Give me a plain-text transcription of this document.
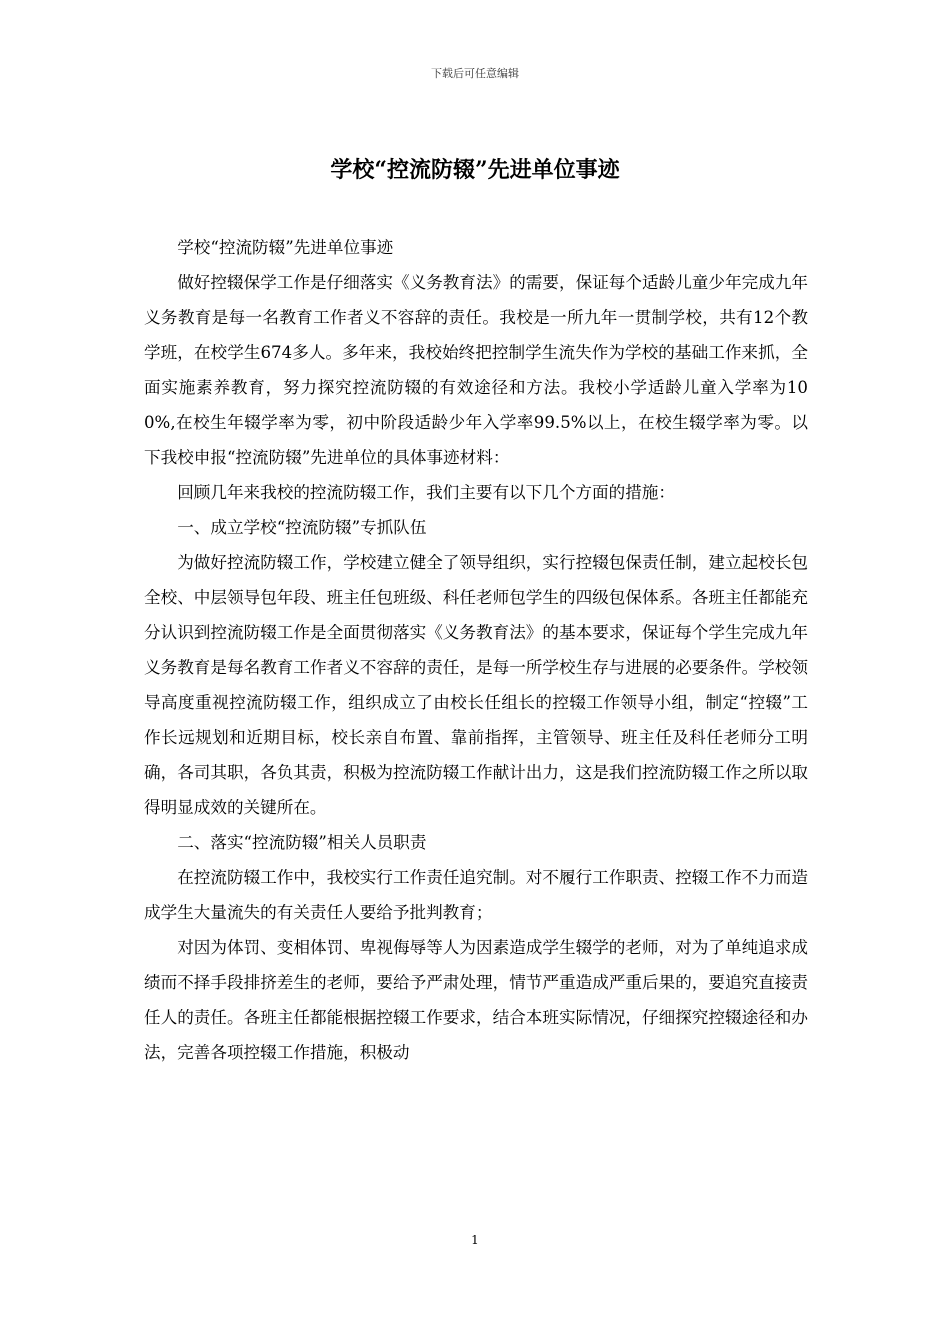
下载后可任意编辑
学校“控流防辍”先进单位事迹

学校“控流防辍”先进单位事迹

做好控辍保学工作是仔细落实《义务教育法》的需要，保证每个适龄儿童少年完成九年义务教育是每一名教育工作者义不容辞的责任。我校是一所九年一贯制学校，共有12个教学班，在校学生674多人。多年来，我校始终把控制学生流失作为学校的基础工作来抓，全面实施素养教育，努力探究控流防辍的有效途径和方法。我校小学适龄儿童入学率为100%,在校生年辍学率为零，初中阶段适龄少年入学率99.5%以上，在校生辍学率为零。以下我校申报“控流防辍”先进单位的具体事迹材料：

回顾几年来我校的控流防辍工作，我们主要有以下几个方面的措施：

一、成立学校“控流防辍”专抓队伍

为做好控流防辍工作，学校建立健全了领导组织，实行控辍包保责任制，建立起校长包全校、中层领导包年段、班主任包班级、科任老师包学生的四级包保体系。各班主任都能充分认识到控流防辍工作是全面贯彻落实《义务教育法》的基本要求，保证每个学生完成九年义务教育是每名教育工作者义不容辞的责任，是每一所学校生存与进展的必要条件。学校领导高度重视控流防辍工作，组织成立了由校长任组长的控辍工作领导小组，制定“控辍”工作长远规划和近期目标，校长亲自布置、靠前指挥，主管领导、班主任及科任老师分工明确，各司其职，各负其责，积极为控流防辍工作献计出力，这是我们控流防辍工作之所以取得明显成效的关键所在。

二、落实“控流防辍”相关人员职责

在控流防辍工作中，我校实行工作责任追究制。对不履行工作职责、控辍工作不力而造成学生大量流失的有关责任人要给予批判教育；

对因为体罚、变相体罚、卑视侮辱等人为因素造成学生辍学的老师，对为了单纯追求成绩而不择手段排挤差生的老师，要给予严肃处理，情节严重造成严重后果的，要追究直接责任人的责任。各班主任都能根据控辍工作要求，结合本班实际情况，仔细探究控辍途径和办法，完善各项控辍工作措施，积极动

1
